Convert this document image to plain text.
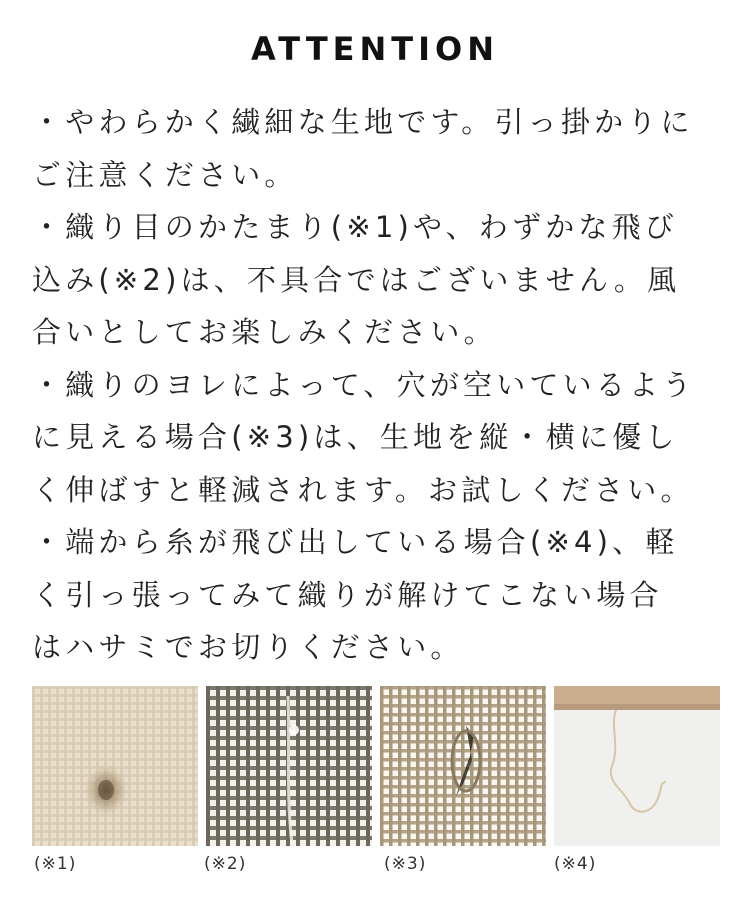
ATTENTION
・やわらかく繊細な生地です。引っ掛かりに
ご注意ください。
・織り目のかたまり(※1)や、わずかな飛び
込み(※2)は、不具合ではございません。風
合いとしてお楽しみください。
・織りのヨレによって、穴が空いているよう
に見える場合(※3)は、生地を縦・横に優し
く伸ばすと軽減されます。お試しください。
・端から糸が飛び出している場合(※4)、軽
く引っ張ってみて織りが解けてこない場合
はハサミでお切りください。
(※1)	(※2)	(※3)	(※4)
